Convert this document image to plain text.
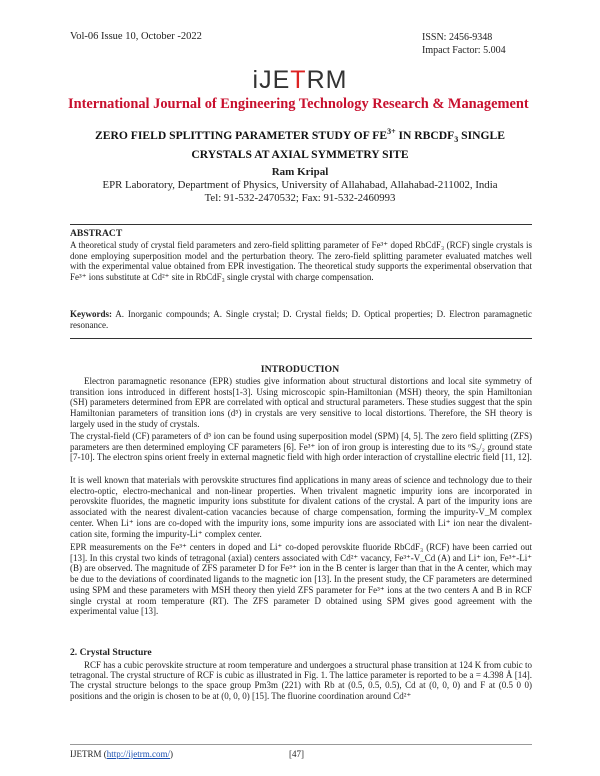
Vol-06 Issue 10, October -2022	ISSN: 2456-9348
Impact Factor: 5.004
iJETRM
International Journal of Engineering Technology Research & Management
ZERO FIELD SPLITTING PARAMETER STUDY OF $FE^{3+}$ IN $RBCDF_3$ SINGLE
CRYSTALS AT AXIAL SYMMETRY SITE
Ram Kripal
EPR Laboratory, Department of Physics, University of Allahabad, Allahabad-211002, India
Tel: 91-532-2470532; Fax: 91-532-2460993
ABSTRACT

A theoretical study of crystal field parameters and zero-field splitting parameter of Fe³⁺ doped RbCdF₃ (RCF) single crystals is done employing superposition model and the perturbation theory. The zero-field splitting parameter evaluated matches well with the experimental value obtained from EPR investigation. The theoretical study supports the experimental observation that Fe³⁺ ions substitute at Cd²⁺ site in RbCdF₃ single crystal with charge compensation.

Keywords: A. Inorganic compounds; A. Single crystal; D. Crystal fields; D. Optical properties; D. Electron paramagnetic resonance.

INTRODUCTION

Electron paramagnetic resonance (EPR) studies give information about structural distortions and local site symmetry of transition ions introduced in different hosts[1-3]. Using microscopic spin-Hamiltonian (MSH) theory, the spin Hamiltonian (SH) parameters determined from EPR are correlated with optical and structural parameters. These studies suggest that the spin Hamiltonian parameters of transition ions (d⁵) in crystals are very sensitive to local distortions. Therefore, the SH theory is largely used in the study of crystals.

The crystal-field (CF) parameters of d⁵ ion can be found using superposition model (SPM) [4, 5]. The zero field splitting (ZFS) parameters are then determined employing CF parameters [6]. Fe³⁺ ion of iron group is interesting due to its ⁶S₅/₂ ground state [7-10]. The electron spins orient freely in external magnetic field with high order interaction of crystalline electric field [11, 12].

It is well known that materials with perovskite structures find applications in many areas of science and technology due to their electro-optic, electro-mechanical and non-linear properties. When trivalent magnetic impurity ions are incorporated in perovskite fluorides, the magnetic impurity ions substitute for divalent cations of the crystal. A part of the impurity ions are associated with the nearest divalent-cation vacancies because of charge compensation, forming the impurity-V_M complex center. When Li⁺ ions are co-doped with the impurity ions, some impurity ions are associated with Li⁺ ion near the divalent-cation site, forming the impurity-Li⁺ complex center.

EPR measurements on the Fe³⁺ centers in doped and Li⁺ co-doped perovskite fluoride RbCdF₃ (RCF) have been carried out [13]. In this crystal two kinds of tetragonal (axial) centers associated with Cd²⁺ vacancy, Fe³⁺-V_Cd (A) and Li⁺ ion, Fe³⁺-Li⁺ (B) are observed. The magnitude of ZFS parameter D for Fe³⁺ ion in the B center is larger than that in the A center, which may be due to the deviations of coordinated ligands to the magnetic ion [13]. In the present study, the CF parameters are determined using SPM and these parameters with MSH theory then yield ZFS parameter for Fe³⁺ ions at the two centers A and B in RCF single crystal at room temperature (RT). The ZFS parameter D obtained using SPM gives good agreement with the experimental value [13].

2. Crystal Structure

RCF has a cubic perovskite structure at room temperature and undergoes a structural phase transition at 124 K from cubic to tetragonal. The crystal structure of RCF is cubic as illustrated in Fig. 1. The lattice parameter is reported to be a = 4.398 Å [14]. The crystal structure belongs to the space group Pm3m (221) with Rb at (0.5, 0.5, 0.5), Cd at (0, 0, 0) and F at (0.5 0 0) positions and the origin is chosen to be at (0, 0, 0) [15]. The fluorine coordination around Cd²⁺

IJETRM (http://ijetrm.com/)	[47]
